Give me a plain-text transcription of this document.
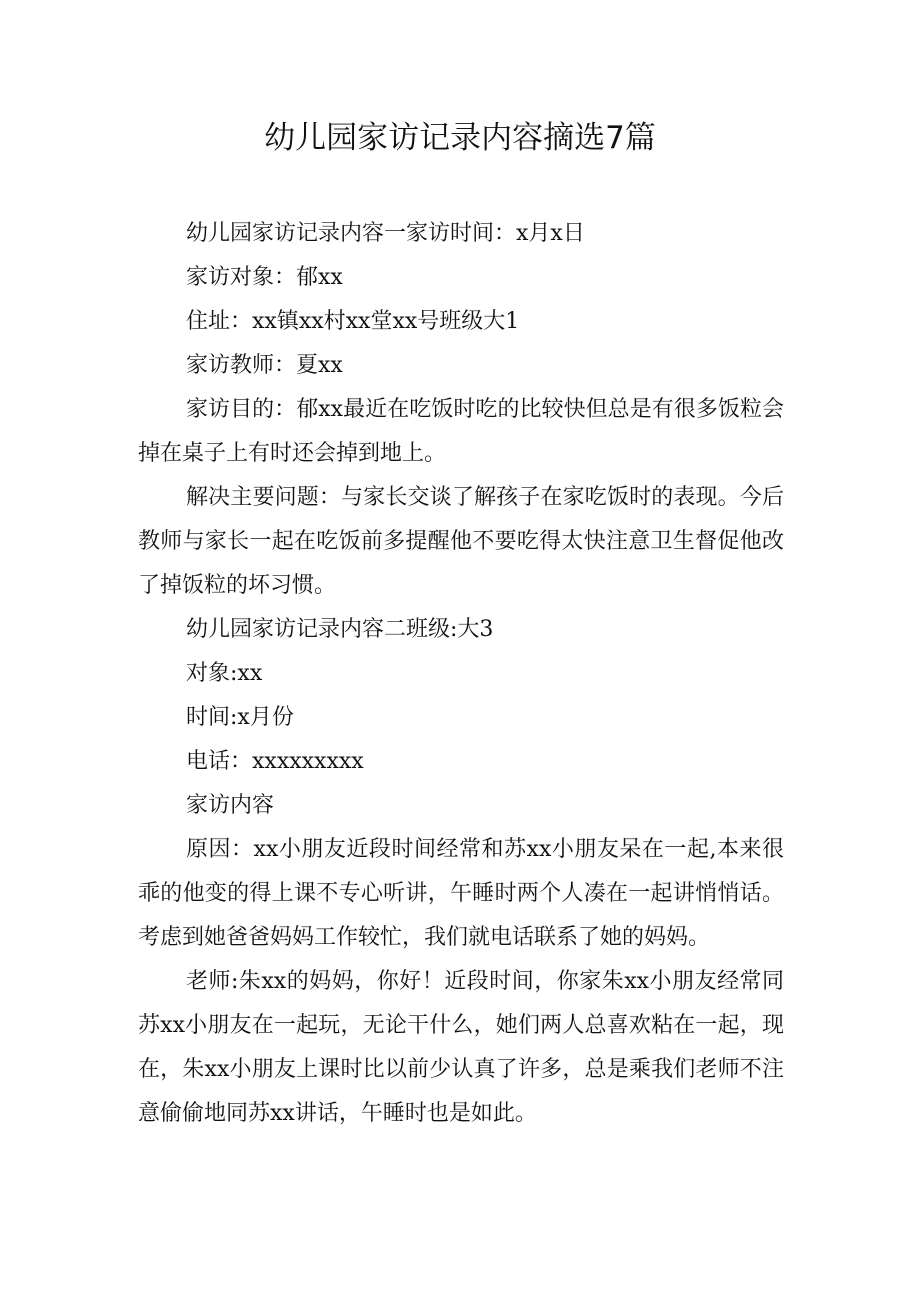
幼儿园家访记录内容摘选7篇

幼儿园家访记录内容一家访时间：x月x日

家访对象：郁xx

住址：xx镇xx村xx堂xx号班级大1

家访教师：夏xx

家访目的：郁xx最近在吃饭时吃的比较快但总是有很多饭粒会掉在桌子上有时还会掉到地上。

解决主要问题：与家长交谈了解孩子在家吃饭时的表现。今后教师与家长一起在吃饭前多提醒他不要吃得太快注意卫生督促他改了掉饭粒的坏习惯。

幼儿园家访记录内容二班级:大3

对象:xx

时间:x月份

电话：xxxxxxxxx

家访内容

原因：xx小朋友近段时间经常和苏xx小朋友呆在一起,本来很乖的他变的得上课不专心听讲，午睡时两个人凑在一起讲悄悄话。考虑到她爸爸妈妈工作较忙，我们就电话联系了她的妈妈。

老师:朱xx的妈妈，你好！近段时间，你家朱xx小朋友经常同苏xx小朋友在一起玩，无论干什么，她们两人总喜欢粘在一起，现在，朱xx小朋友上课时比以前少认真了许多，总是乘我们老师不注意偷偷地同苏xx讲话，午睡时也是如此。
